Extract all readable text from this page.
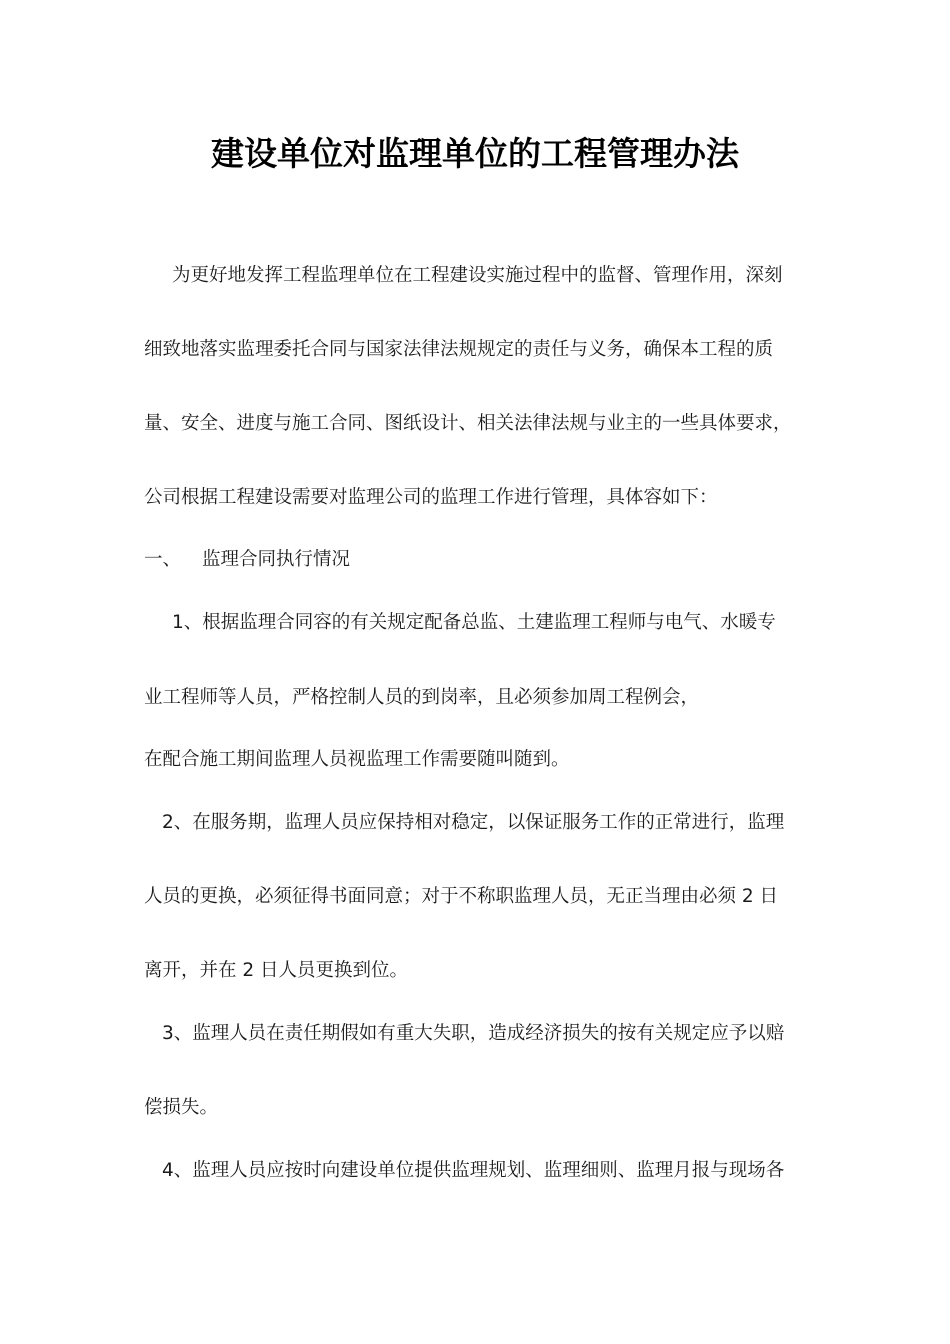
建设单位对监理单位的工程管理办法
为更好地发挥工程监理单位在工程建设实施过程中的监督、管理作用，深刻
细致地落实监理委托合同与国家法律法规规定的责任与义务，确保本工程的质
量、安全、进度与施工合同、图纸设计、相关法律法规与业主的一些具体要求，
公司根据工程建设需要对监理公司的监理工作进行管理，具体容如下：
一、 监理合同执行情况
1、根据监理合同容的有关规定配备总监、土建监理工程师与电气、水暖专
业工程师等人员，严格控制人员的到岗率，且必须参加周工程例会，
在配合施工期间监理人员视监理工作需要随叫随到。
2、在服务期，监理人员应保持相对稳定，以保证服务工作的正常进行，监理
人员的更换，必须征得书面同意；对于不称职监理人员，无正当理由必须 2 日
离开，并在 2 日人员更换到位。
3、监理人员在责任期假如有重大失职，造成经济损失的按有关规定应予以赔
偿损失。
4、监理人员应按时向建设单位提供监理规划、监理细则、监理月报与现场各
